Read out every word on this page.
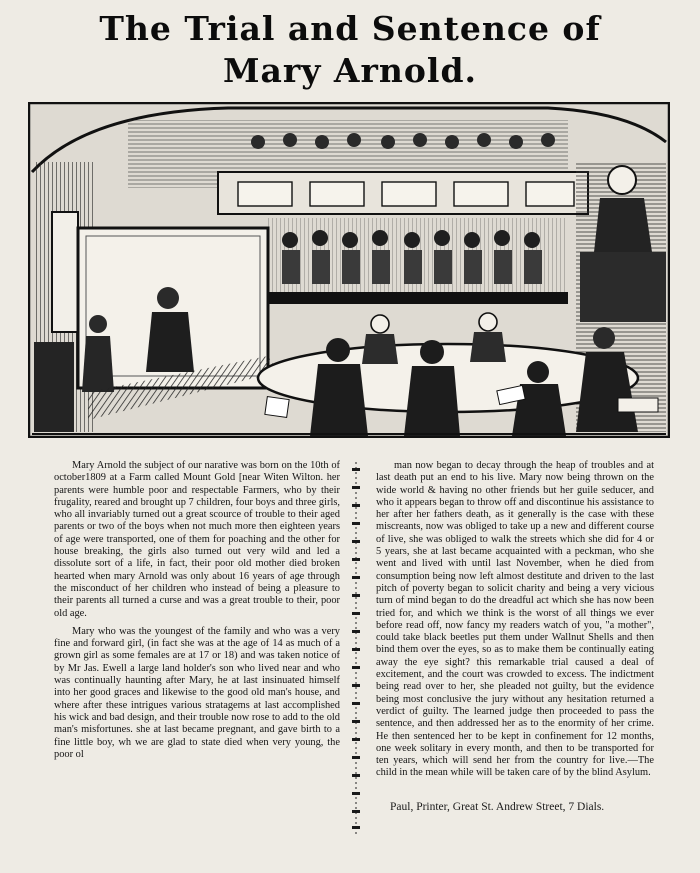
The Trial and Sentence of
Mary Arnold.

Mary Arnold the subject of our narative was born on the 10th of october1809 at a Farm called Mount Gold [near Witen Wilton. her parents were humble poor and respectable Farmers, who by their frugality, reared and brought up 7 children, four boys and three girls, who all invariably turned out a great scource of trouble to their aged parents or two of the boys when not much more then eighteen years of age were transported, one of them for poaching and the other for house breaking, the girls also turned out very wild and led a dissolute sort of a life, in fact, their poor old mother died broken hearted when mary Arnold was only about 16 years of age through the misconduct of her children who instead of being a pleasure to their parents all turned a curse and was a great trouble to their, poor old age.

Mary who was the youngest of the family and who was a very fine and forward girl, (in fact she was at the age of 14 as much of a grown girl as some females are at 17 or 18) and was taken notice of by Mr Jas. Ewell a large land holder's son who lived near and who was continually haunting after Mary, he at last insinuated himself into her good graces and likewise to the good old man's house, and where after these intrigues various stratagems at last accomplished his wick and bad design, and their trouble now rose to add to the old man's misfortunes. she at last became pregnant, and gave birth to a fine little boy, wh we are glad to state died when very young, the poor ol

man now began to decay through the heap of troubles and at last death put an end to his live. Mary now being thrown on the wide world & having no other friends but her guile seducer, and who it appears began to throw off and discontinue his assistance to her after her fathers death, as it generally is the case with these miscreants, now was obliged to take up a new and different course of live, she was obliged to walk the streets which she did for 4 or 5 years, she at last became acquainted with a peckman, who she went and lived with until last November, when he died from consumption being now left almost destitute and driven to the last pitch of poverty began to solicit charity and being a very vicious turn of mind began to do the dreadful act which she has now been tried for, and which we think is the worst of all things we ever before read off, now fancy my readers watch of you, "a mother", could take black beetles put them under Wallnut Shells and then bind them over the eyes, so as to make them be continually eating away the eye sight? this remarkable trial caused a deal of excitement, and the court was crowded to excess. The indictment being read over to her, she pleaded not guilty, but the evidence being most conclusive the jury without any hesitation returned a verdict of guilty. The learned judge then proceeded to pass the sentence, and then addressed her as to the enormity of her crime. He then sentenced her to be kept in confinement for 12 months, one week solitary in every month, and then to be transported for ten years, which will send her from the country for live.—The child in the mean while will be taken care of by the blind Asylum.

Paul, Printer, Great St. Andrew Street, 7 Dials.
